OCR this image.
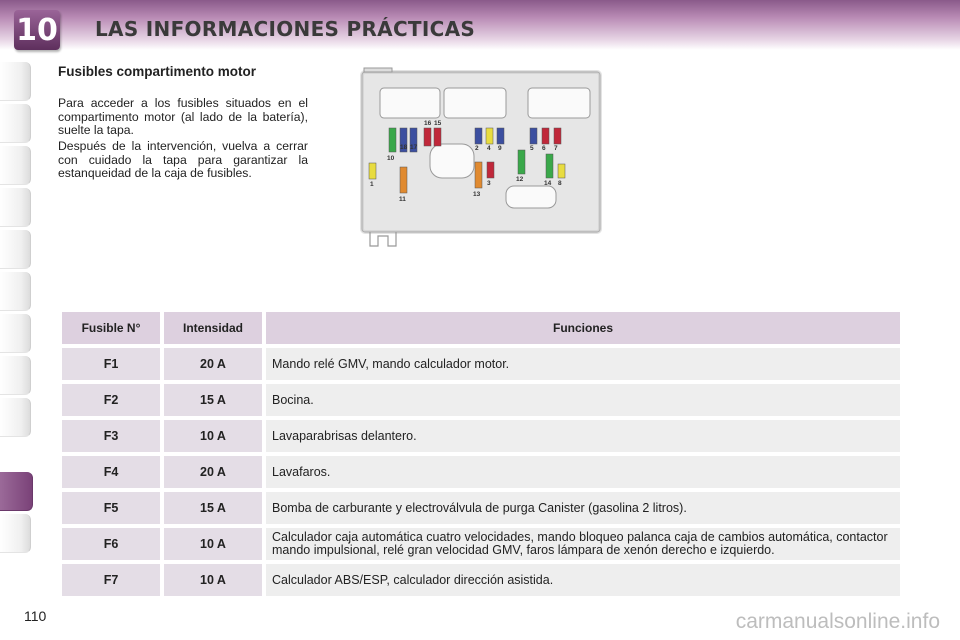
10 LAS INFORMACIONES PRÁCTICAS
Fusibles compartimento motor
Para acceder a los fusibles situados en el compartimento motor (al lado de la batería), suelte la tapa.
Después de la intervención, vuelva a cerrar con cuidado la tapa para garantizar la estanqueidad de la caja de fusibles.
1
2
3
4	5 6 7
8
9
10
11
12
13
14
15
16
17
18
Fusible N°	Intensidad	Funciones
F1	20 A	Mando relé GMV, mando calculador motor.
F2	15 A	Bocina.
F3	10 A	Lavaparabrisas delantero.
F4	20 A	Lavafaros.
F5	15 A	Bomba de carburante y electroválvula de purga Canister (gasolina 2 litros).
F6	10 A	Calculador caja automática cuatro velocidades, mando bloqueo palanca caja de cambios automática, contactor mando impulsional, relé gran velocidad GMV, faros lámpara de xenón derecho e izquierdo.
F7	10 A	Calculador ABS/ESP, calculador dirección asistida.
110	carmanualsonline.info
